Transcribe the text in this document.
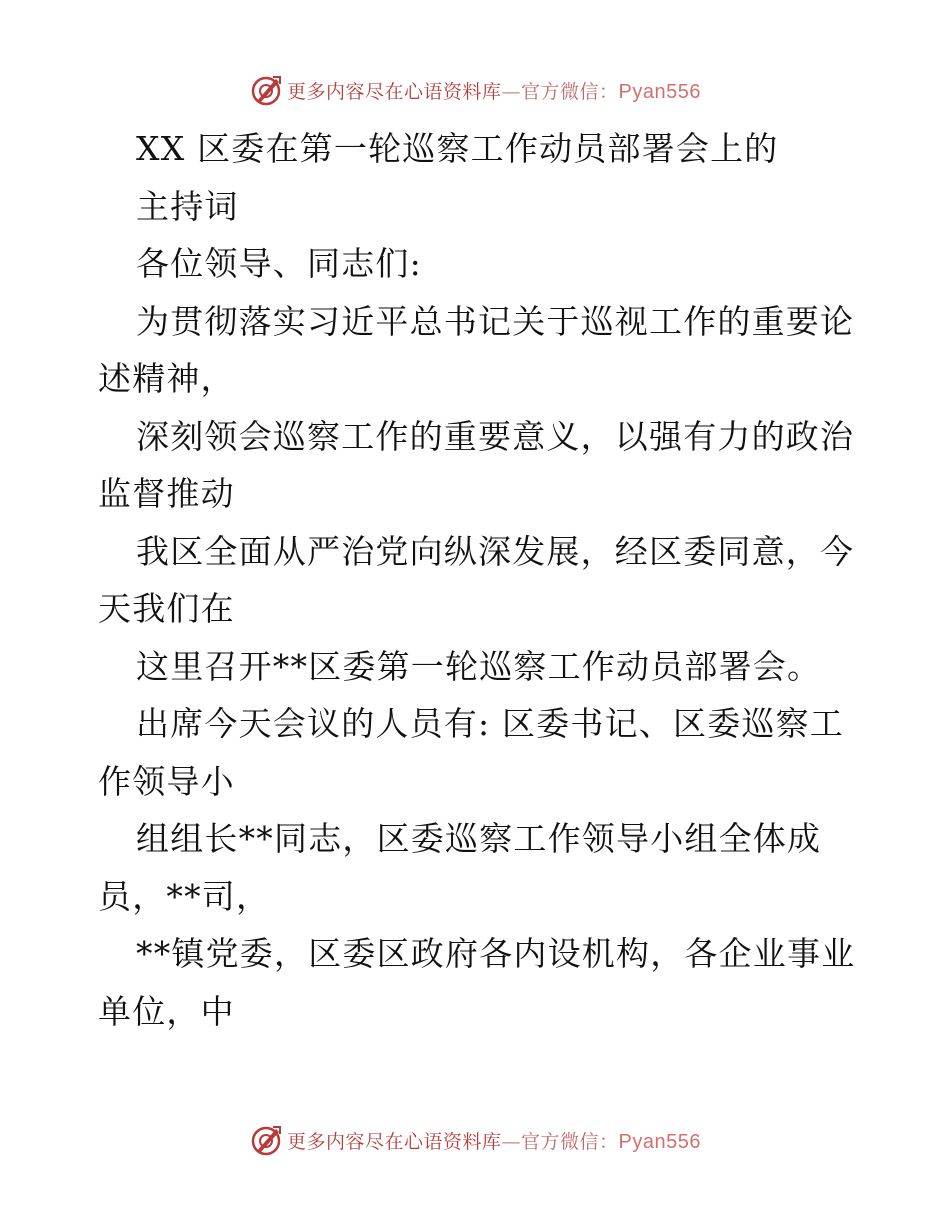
更多内容尽在心语资料库—官方微信：Pyan556
XX 区委在第一轮巡察工作动员部署会上的
主持词
各位领导、同志们:
为贯彻落实习近平总书记关于巡视工作的重要论
述精神，
深刻领会巡察工作的重要意义，以强有力的政治
监督推动
我区全面从严治党向纵深发展，经区委同意，今
天我们在
这里召开**区委第一轮巡察工作动员部署会。
出席今天会议的人员有: 区委书记、区委巡察工
作领导小
组组长**同志，区委巡察工作领导小组全体成
员，**司，
**镇党委，区委区政府各内设机构，各企业事业
单位，中
更多内容尽在心语资料库—官方微信：Pyan556
